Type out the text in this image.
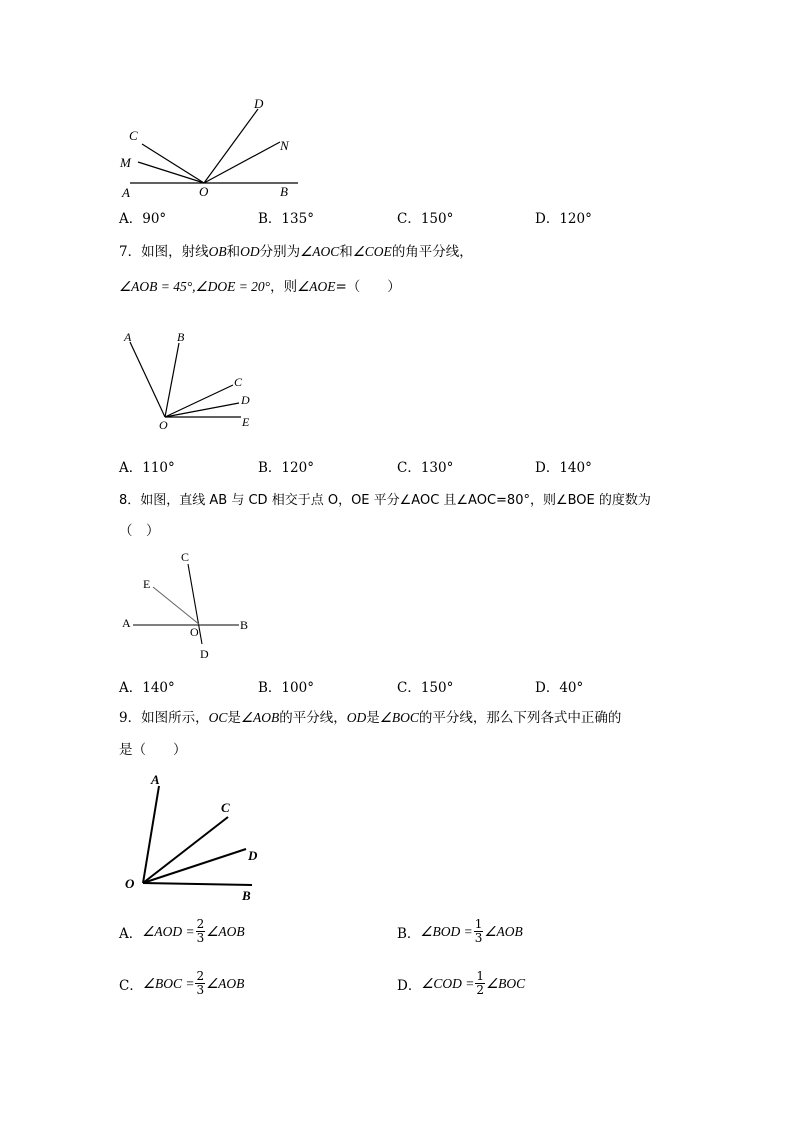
A	O	B
C
M
D
N
A．90°	B．135°	C．150°	D．120°
7．如图，射线OB和OD分别为∠AOC和∠COE的角平分线，
∠AOB = 45°,∠DOE = 20°，则∠AOE=（　　）
A	B
C
D
E
O
A．110°	B．120°	C．130°	D．140°
8．如图，直线 AB 与 CD 相交于点 O，OE 平分∠AOC 且∠AOC=80°，则∠BOE 的度数为
（　）
C
E
A
O	B
D
A．140°	B．100°	C．150°	D．40°
9．如图所示，OC是∠AOB的平分线，OD是∠BOC的平分线，那么下列各式中正确的
是（　　）
A
C
D
O
B
A． ∠AOD = $\frac{2}{3}$ ∠AOB	B． ∠BOD = $\frac{1}{3}$ ∠AOB
C． ∠BOC = $\frac{2}{3}$ ∠AOB	D． ∠COD = $\frac{1}{2}$ ∠BOC
